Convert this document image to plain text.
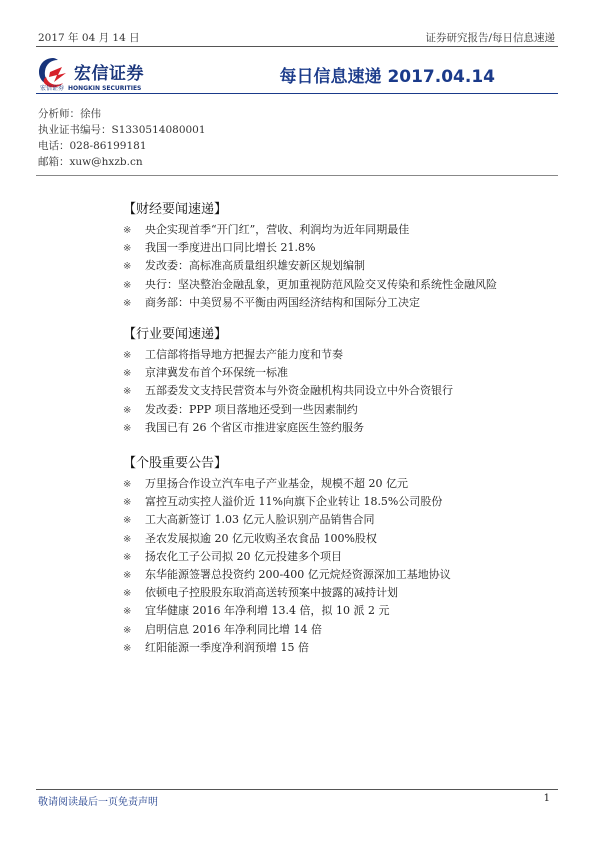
2017 年 04 月 14 日	证券研究报告/每日信息速递
宏信证券
宏信证券 HONGKIN SECURITIES
每日信息速递 2017.04.14
分析师：徐伟
执业证书编号：S1330514080001
电话：028-86199181
邮箱：xuw@hxzb.cn
【财经要闻速递】
※ 央企实现首季“开门红”，营收、利润均为近年同期最佳
※ 我国一季度进出口同比增长 21.8%
※ 发改委：高标准高质量组织雄安新区规划编制
※ 央行：坚决整治金融乱象，更加重视防范风险交叉传染和系统性金融风险
※ 商务部：中美贸易不平衡由两国经济结构和国际分工决定
【行业要闻速递】
※ 工信部将指导地方把握去产能力度和节奏
※ 京津冀发布首个环保统一标准
※ 五部委发文支持民营资本与外资金融机构共同设立中外合资银行
※ 发改委：PPP 项目落地还受到一些因素制约
※ 我国已有 26 个省区市推进家庭医生签约服务
【个股重要公告】
※ 万里扬合作设立汽车电子产业基金，规模不超 20 亿元
※ 富控互动实控人溢价近 11%向旗下企业转让 18.5%公司股份
※ 工大高新签订 1.03 亿元人脸识别产品销售合同
※ 圣农发展拟逾 20 亿元收购圣农食品 100%股权
※ 扬农化工子公司拟 20 亿元投建多个项目
※ 东华能源签署总投资约 200-400 亿元烷烃资源深加工基地协议
※ 依顿电子控股股东取消高送转预案中披露的减持计划
※ 宜华健康 2016 年净利增 13.4 倍，拟 10 派 2 元
※ 启明信息 2016 年净利同比增 14 倍
※ 红阳能源一季度净利润预增 15 倍
敬请阅读最后一页免责声明	1
